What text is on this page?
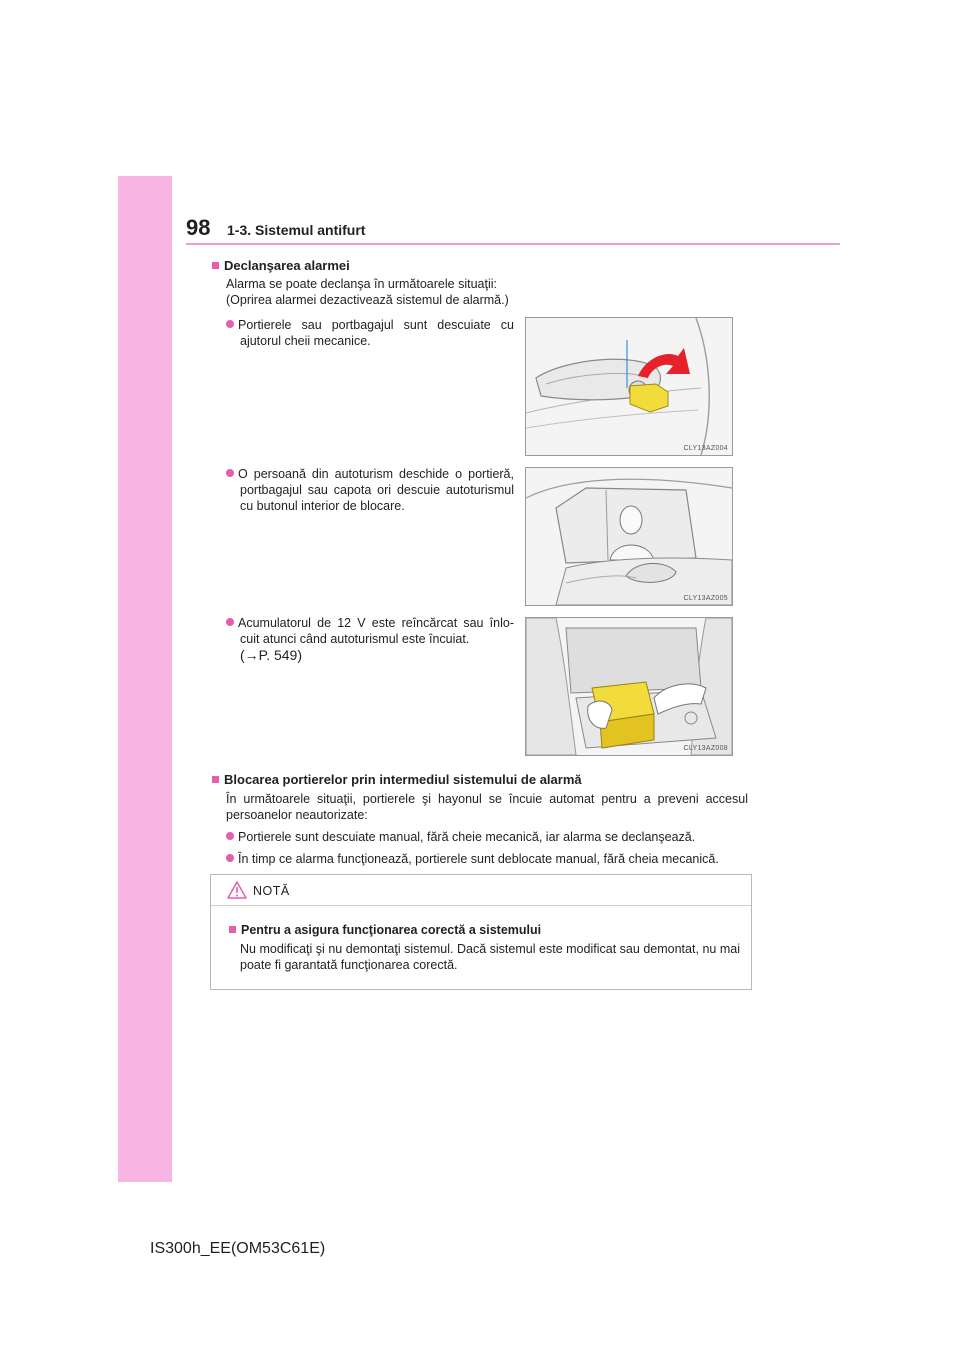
98 1-3. Sistemul antifurt
Declanşarea alarmei
Alarma se poate declanşa în următoarele situaţii:
(Oprirea alarmei dezactivează sistemul de alarmă.)
Portierele sau portbagajul sunt descuiate cu ajutorul cheii mecanice.
CLY13AZ004
O persoană din autoturism deschide o portieră, portbagajul sau capota ori descuie autoturismul cu butonul interior de blocare.
CLY13AZ005
Acumulatorul de 12 V este reîncărcat sau înlo-cuit atunci când autoturismul este încuiat.
(→P. 549)
CLY13AZ008
Blocarea portierelor prin intermediul sistemului de alarmă
În următoarele situaţii, portierele şi hayonul se încuie automat pentru a preveni accesul persoanelor neautorizate:
Portierele sunt descuiate manual, fără cheie mecanică, iar alarma se declanşează.
În timp ce alarma funcţionează, portierele sunt deblocate manual, fără cheia mecanică.
NOTĂ
Pentru a asigura funcţionarea corectă a sistemului
Nu modificaţi şi nu demontaţi sistemul. Dacă sistemul este modificat sau demontat, nu mai poate fi garantată funcţionarea corectă.
IS300h_EE(OM53C61E)
